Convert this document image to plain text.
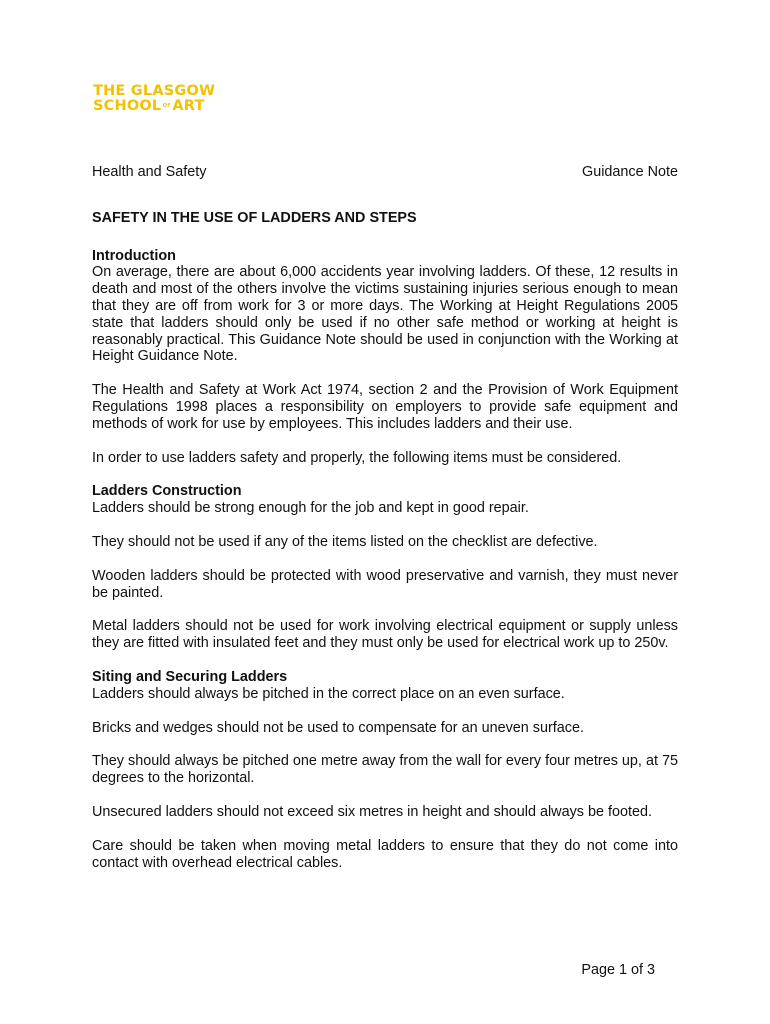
THE GLASGOW
SCHOOLOFART
Health and Safety	Guidance Note
SAFETY IN THE USE OF LADDERS AND STEPS
Introduction

On average, there are about 6,000 accidents year involving ladders. Of these, 12 results in death and most of the others involve the victims sustaining injuries serious enough to mean that they are off from work for 3 or more days. The Working at Height Regulations 2005 state that ladders should only be used if no other safe method or working at height is reasonably practical. This Guidance Note should be used in conjunction with the Working at Height Guidance Note.

The Health and Safety at Work Act 1974, section 2 and the Provision of Work Equipment Regulations 1998 places a responsibility on employers to provide safe equipment and methods of work for use by employees. This includes ladders and their use.

In order to use ladders safety and properly, the following items must be considered.

Ladders Construction

Ladders should be strong enough for the job and kept in good repair.

They should not be used if any of the items listed on the checklist are defective.

Wooden ladders should be protected with wood preservative and varnish, they must never be painted.

Metal ladders should not be used for work involving electrical equipment or supply unless they are fitted with insulated feet and they must only be used for electrical work up to 250v.

Siting and Securing Ladders

Ladders should always be pitched in the correct place on an even surface.

Bricks and wedges should not be used to compensate for an uneven surface.

They should always be pitched one metre away from the wall for every four metres up, at 75 degrees to the horizontal.

Unsecured ladders should not exceed six metres in height and should always be footed.

Care should be taken when moving metal ladders to ensure that they do not come into contact with overhead electrical cables.

Page 1 of 3
